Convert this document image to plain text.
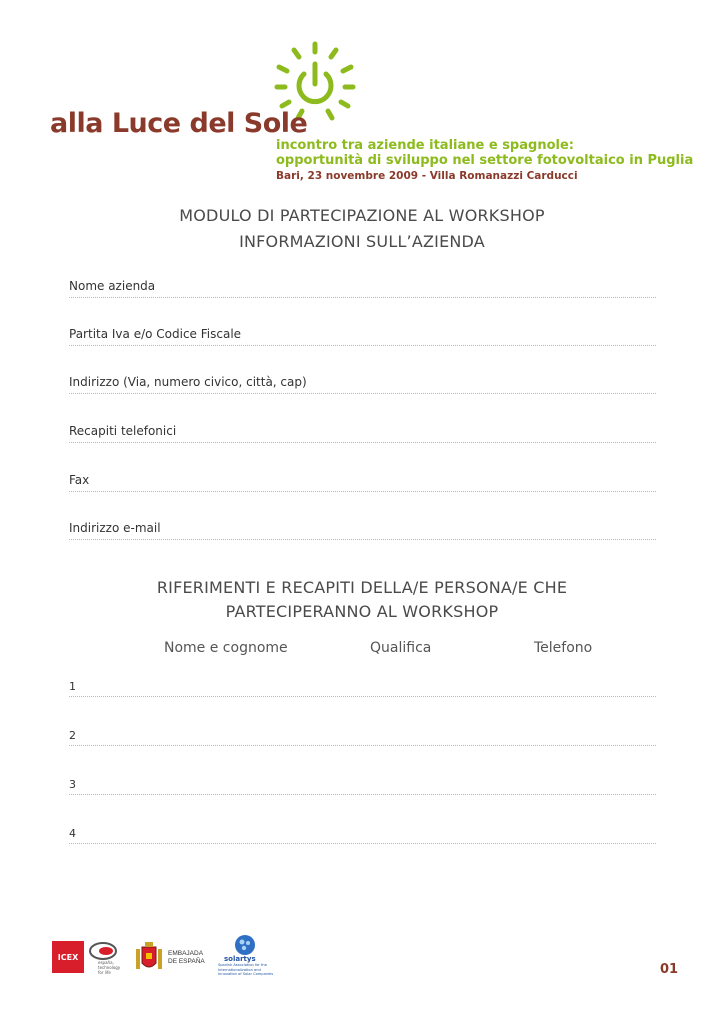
alla Luce del Sole
incontro tra aziende italiane e spagnole:
opportunità di sviluppo nel settore fotovoltaico in Puglia
Bari, 23 novembre 2009 - Villa Romanazzi Carducci
MODULO DI PARTECIPAZIONE AL WORKSHOP
INFORMAZIONI SULL’AZIENDA
Nome azienda
Partita Iva e/o Codice Fiscale
Indirizzo (Via, numero civico, città, cap)
Recapiti telefonici
Fax
Indirizzo e-mail
RIFERIMENTI E RECAPITI DELLA/E PERSONA/E CHE
PARTECIPERANNO AL WORKSHOP
Nome e cognome	Qualifica	Telefono
1
2
3
4
ICEX
españa, technology for life
EMBAJADA
DE ESPAÑA	solartys
Spanish Association for the Internationalization and Innovation of Solar Companies	01
